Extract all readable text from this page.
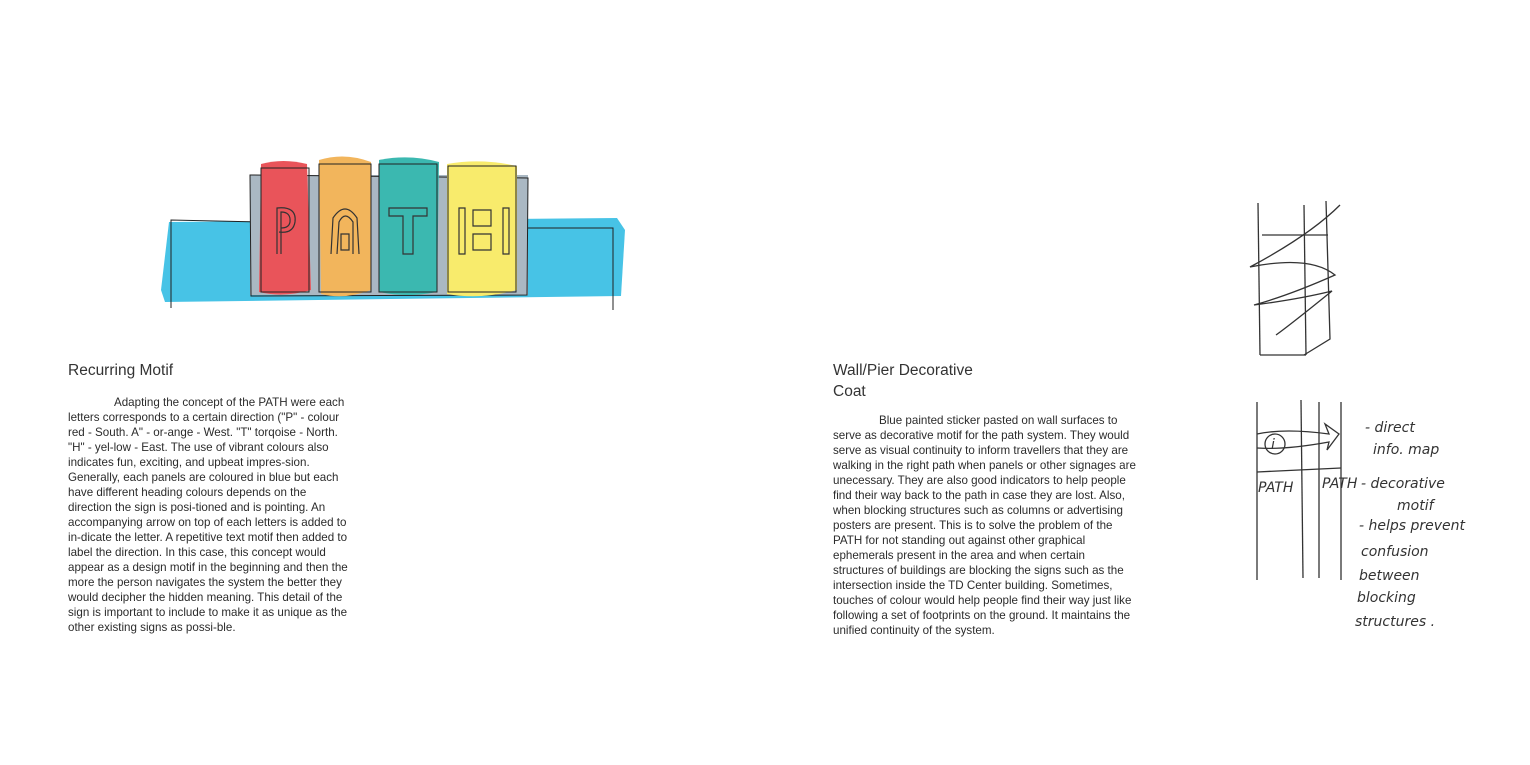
Recurring Motif

Adapting the concept of the PATH were each letters corresponds to a certain direction ("P" - colour red - South. A" - or-ange - West. "T" torqoise - North. "H" - yel-low - East. The use of vibrant colours also indicates fun, exciting, and upbeat impres-sion. Generally, each panels are coloured in blue but each have different heading colours depends on the direction the sign is posi-tioned and is pointing. An accompanying arrow on top of each letters is added to in-dicate the letter. A repetitive text motif then added to label the direction. In this case, this concept would appear as a design motif in the beginning and then the more the person navigates the system the better they would decipher the hidden meaning. This detail of the sign is important to include to make it as unique as the other existing signs as possi-ble.

Wall/Pier Decorative
Coat

Blue painted sticker pasted on wall surfaces to serve as decorative motif for the path system. They would serve as visual continuity to inform travellers that they are walking in the right path when panels or other signages are unecessary. They are also good indicators to help people find their way back to the path in case they are lost. Also, when blocking structures such as columns or advertising posters are present. This is to solve the problem of the PATH for not standing out against other graphical ephemerals present in the area and when certain structures of buildings are blocking the signs such as the intersection inside the TD Center building. Sometimes, touches of colour would help people find their way just like following a set of footprints on the ground. It maintains the unified continuity of the system.

i
PATH PATH
- direct
info. map
- decorative
motif
- helps prevent
confusion
between
blocking
structures .
